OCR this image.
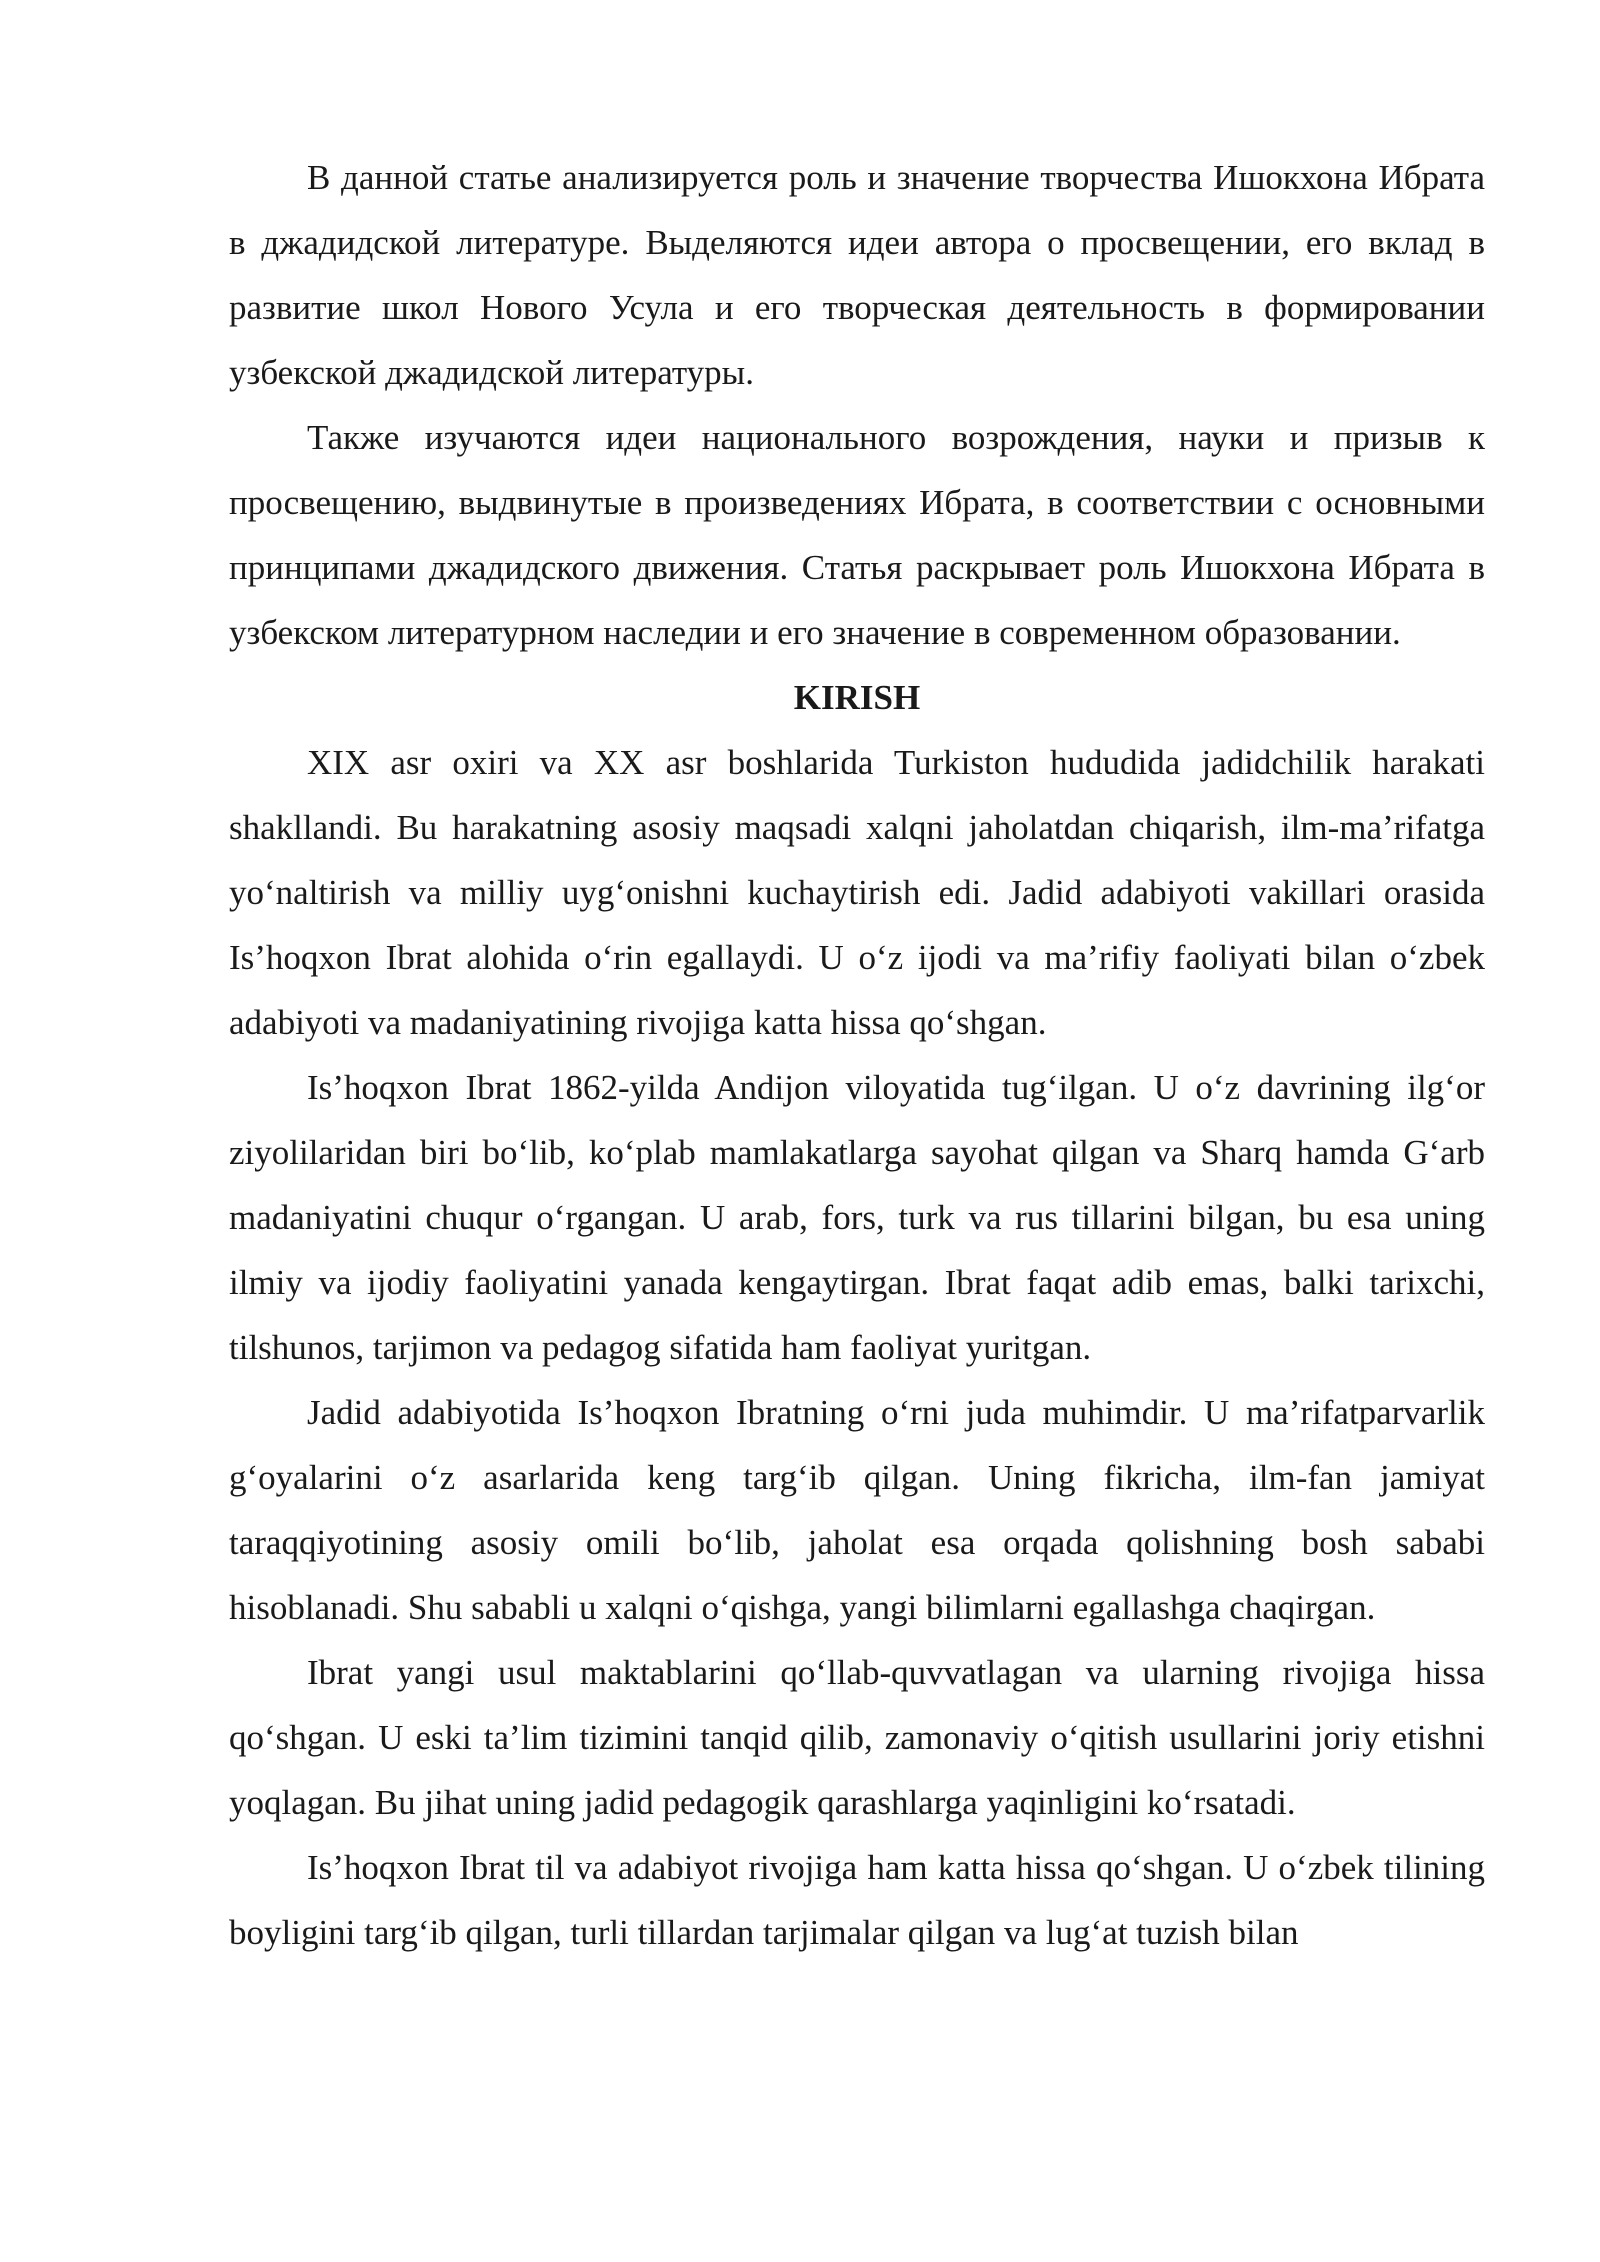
В данной статье анализируется роль и значение творчества Ишокхона Ибрата в джадидской литературе. Выделяются идеи автора о просвещении, его вклад в развитие школ Нового Усула и его творческая деятельность в формировании узбекской джадидской литературы.

Также изучаются идеи национального возрождения, науки и призыв к просвещению, выдвинутые в произведениях Ибрата, в соответствии с основными принципами джадидского движения. Статья раскрывает роль Ишокхона Ибрата в узбекском литературном наследии и его значение в современном образовании.

KIRISH

XIX asr oxiri va XX asr boshlarida Turkiston hududida jadidchilik harakati shakllandi. Bu harakatning asosiy maqsadi xalqni jaholatdan chiqarish, ilm-ma’rifatga yo‘naltirish va milliy uyg‘onishni kuchaytirish edi. Jadid adabiyoti vakillari orasida Is’hoqxon Ibrat alohida o‘rin egallaydi. U o‘z ijodi va ma’rifiy faoliyati bilan o‘zbek adabiyoti va madaniyatining rivojiga katta hissa qo‘shgan.

Is’hoqxon Ibrat 1862-yilda Andijon viloyatida tug‘ilgan. U o‘z davrining ilg‘or ziyolilaridan biri bo‘lib, ko‘plab mamlakatlarga sayohat qilgan va Sharq hamda G‘arb madaniyatini chuqur o‘rgangan. U arab, fors, turk va rus tillarini bilgan, bu esa uning ilmiy va ijodiy faoliyatini yanada kengaytirgan. Ibrat faqat adib emas, balki tarixchi, tilshunos, tarjimon va pedagog sifatida ham faoliyat yuritgan.

Jadid adabiyotida Is’hoqxon Ibratning o‘rni juda muhimdir. U ma’rifatparvarlik g‘oyalarini o‘z asarlarida keng targ‘ib qilgan. Uning fikricha, ilm-fan jamiyat taraqqiyotining asosiy omili bo‘lib, jaholat esa orqada qolishning bosh sababi hisoblanadi. Shu sababli u xalqni o‘qishga, yangi bilimlarni egallashga chaqirgan.

Ibrat yangi usul maktablarini qo‘llab-quvvatlagan va ularning rivojiga hissa qo‘shgan. U eski ta’lim tizimini tanqid qilib, zamonaviy o‘qitish usullarini joriy etishni yoqlagan. Bu jihat uning jadid pedagogik qarashlarga yaqinligini ko‘rsatadi.

Is’hoqxon Ibrat til va adabiyot rivojiga ham katta hissa qo‘shgan. U o‘zbek tilining boyligini targ‘ib qilgan, turli tillardan tarjimalar qilgan va lug‘at tuzish bilan
